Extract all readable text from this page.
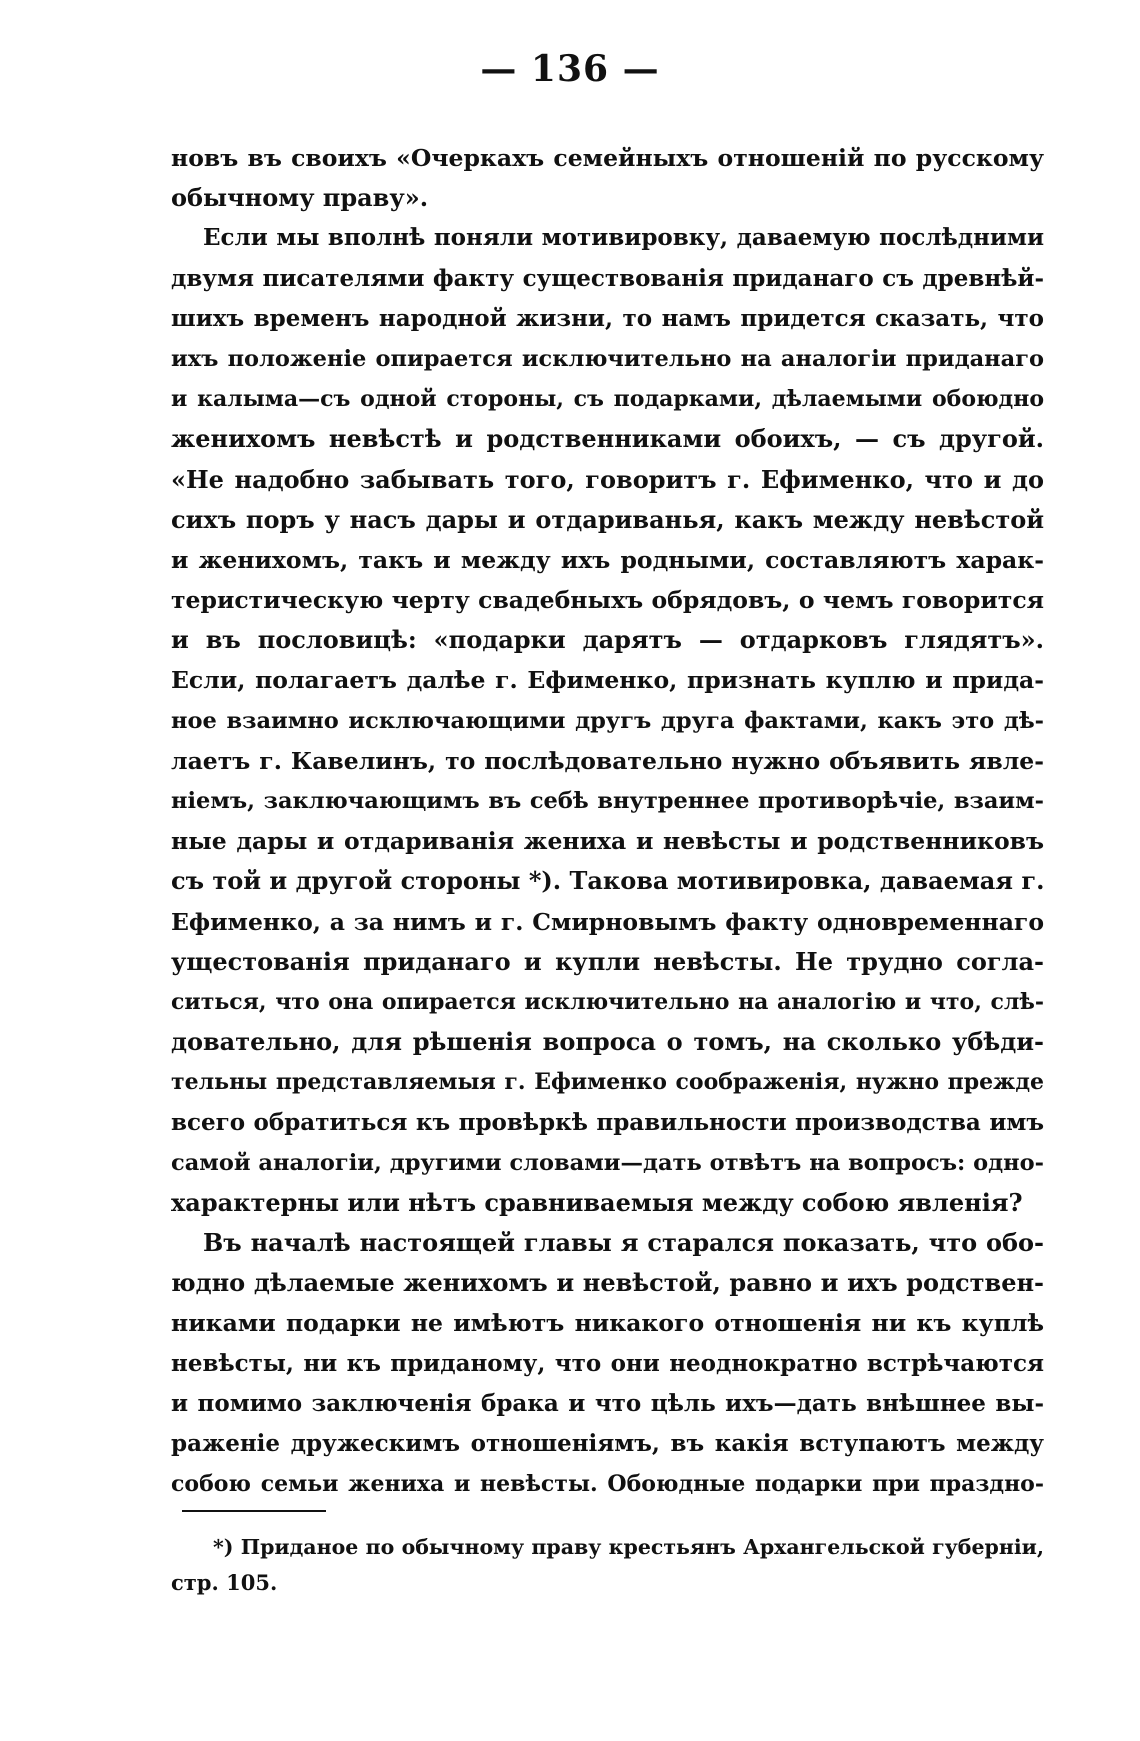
— 136 —
новъ въ своихъ «Очеркахъ семейныхъ отношеній по русскому
обычному праву».
Если мы вполнѣ поняли мотивировку, даваемую послѣдними
двумя писателями факту существованія приданаго съ древнѣй-
шихъ временъ народной жизни, то намъ придется сказать, что
ихъ положеніе опирается исключительно на аналогіи приданаго
и калыма—съ одной стороны, съ подарками, дѣлаемыми обоюдно
женихомъ невѣстѣ и родственниками обоихъ, — съ другой.
«Не надобно забывать того, говоритъ г. Ефименко, что и до
сихъ поръ у насъ дары и отдариванья, какъ между невѣстой
и женихомъ, такъ и между ихъ родными, составляютъ харак-
теристическую черту свадебныхъ обрядовъ, о чемъ говорится
и въ пословицѣ: «подарки дарятъ — отдарковъ глядятъ».
Если, полагаетъ далѣе г. Ефименко, признать куплю и прида-
ное взаимно исключающими другъ друга фактами, какъ это дѣ-
лаетъ г. Кавелинъ, то послѣдовательно нужно объявить явле-
ніемъ, заключающимъ въ себѣ внутреннее противорѣчіе, взаим-
ные дары и отдариванія жениха и невѣсты и родственниковъ
съ той и другой стороны *). Такова мотивировка, даваемая г.
Ефименко, а за нимъ и г. Смирновымъ факту одновременнаго
ущестованія приданаго и купли невѣсты. Не трудно согла-
ситься, что она опирается исключительно на аналогію и что, слѣ-
довательно, для рѣшенія вопроса о томъ, на сколько убѣди-
тельны представляемыя г. Ефименко соображенія, нужно прежде
всего обратиться къ провѣркѣ правильности производства имъ
самой аналогіи, другими словами—дать отвѣтъ на вопросъ: одно-
характерны или нѣтъ сравниваемыя между собою явленія?
Въ началѣ настоящей главы я старался показать, что обо-
юдно дѣлаемые женихомъ и невѣстой, равно и ихъ родствен-
никами подарки не имѣютъ никакого отношенія ни къ куплѣ
невѣсты, ни къ приданому, что они неоднократно встрѣчаются
и помимо заключенія брака и что цѣль ихъ—дать внѣшнее вы-
раженіе дружескимъ отношеніямъ, въ какія вступаютъ между
собою семьи жениха и невѣсты. Обоюдные подарки при праздно-
*) Приданое по обычному праву крестьянъ Архангельской губерніи,
стр. 105.
